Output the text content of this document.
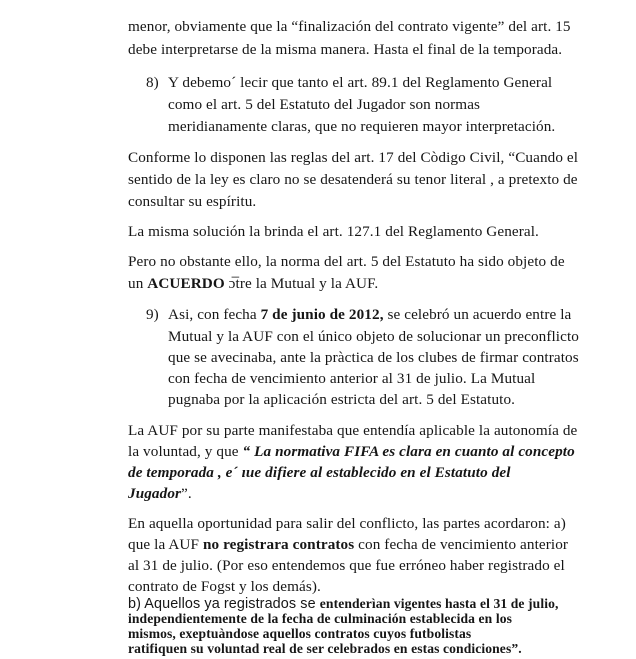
menor, obviamente que la “finalización del contrato vigente” del art. 15
debe interpretarse de la misma manera. Hasta el final de la temporada.
8) Y debemo´ lecir que tanto el art. 89.1 del Reglamento General
como el art. 5 del Estatuto del Jugador son normas
meridianamente claras, que no requieren mayor interpretación.
Conforme lo disponen las reglas del art. 17 del Còdigo Civil, “Cuando el
sentido de la ley es claro no se desatenderá su tenor literal , a pretexto de
consultar su espíritu.
La misma solución la brinda el art. 127.1 del Reglamento General.
Pero no obstante ello, la norma del art. 5 del Estatuto ha sido objeto de
un ACUERDO ɔ̅tre la Mutual y la AUF.
9) Asi, con fecha 7 de junio de 2012, se celebró un acuerdo entre la
Mutual y la AUF con el único objeto de solucionar un preconflicto
que se avecinaba, ante la pràctica de los clubes de firmar contratos
con fecha de vencimiento anterior al 31 de julio. La Mutual
pugnaba por la aplicación estricta del art. 5 del Estatuto.
La AUF por su parte manifestaba que entendía aplicable la autonomía de
la voluntad, y que “ La normativa FIFA es clara en cuanto al concepto
de temporada , e´ ıue difiere al establecido en el Estatuto del
Jugador”.
En aquella oportunidad para salir del conflicto, las partes acordaron: a)
que la AUF no registrara contratos con fecha de vencimiento anterior
al 31 de julio. (Por eso entendemos que fue erróneo haber registrado el
contrato de Fogst y los demás).
b) Aquellos ya registrados se entenderìan vigentes hasta el 31 de julio,
independientemente de la fecha de culminación establecida en los
mismos, exeptuàndose aquellos contratos cuyos futbolistas
ratifiquen su voluntad real de ser celebrados en estas condiciones”.
